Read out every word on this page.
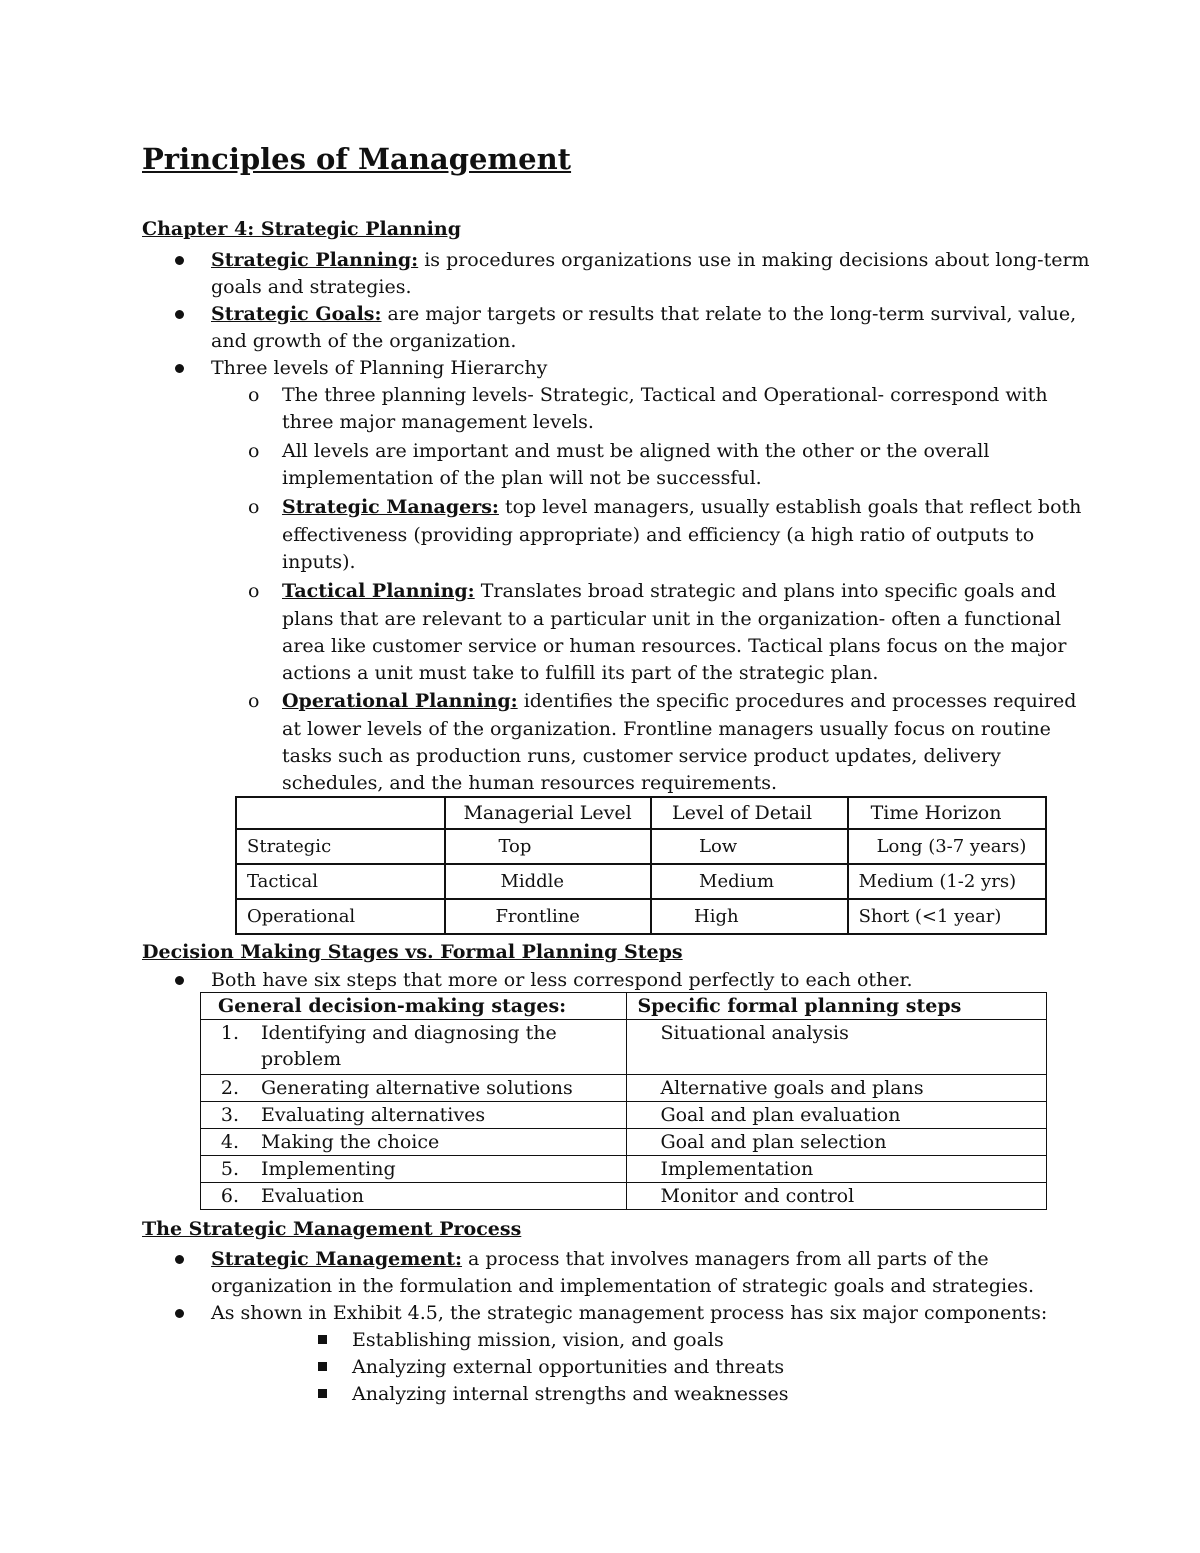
Principles of Management
Chapter 4: Strategic Planning

Strategic Planning: is procedures organizations use in making decisions about long-term

goals and strategies.

Strategic Goals: are major targets or results that relate to the long-term survival, value,

and growth of the organization.

Three levels of Planning Hierarchy

o The three planning levels- Strategic, Tactical and Operational- correspond with

three major management levels.

o All levels are important and must be aligned with the other or the overall

implementation of the plan will not be successful.

o Strategic Managers: top level managers, usually establish goals that reflect both

effectiveness (providing appropriate) and efficiency (a high ratio of outputs to

inputs).

o Tactical Planning: Translates broad strategic and plans into specific goals and

plans that are relevant to a particular unit in the organization- often a functional

area like customer service or human resources. Tactical plans focus on the major

actions a unit must take to fulfill its part of the strategic plan.

o Operational Planning: identifies the specific procedures and processes required

at lower levels of the organization. Frontline managers usually focus on routine

tasks such as production runs, customer service product updates, delivery

schedules, and the human resources requirements.

	Managerial Level	Level of Detail	Time Horizon
Strategic	Top	Low	Long (3-7 years)
Tactical	Middle	Medium	Medium (1-2 yrs)
Operational	Frontline	High	Short (<1 year)
Decision Making Stages vs. Formal Planning Steps

Both have six steps that more or less correspond perfectly to each other.

General decision-making stages:	Specific formal planning steps
1. Identifying and diagnosing the
problem	Situational analysis
2. Generating alternative solutions	Alternative goals and plans
3. Evaluating alternatives	Goal and plan evaluation
4. Making the choice	Goal and plan selection
5. Implementing	Implementation
6. Evaluation	Monitor and control
The Strategic Management Process

Strategic Management: a process that involves managers from all parts of the

organization in the formulation and implementation of strategic goals and strategies.

As shown in Exhibit 4.5, the strategic management process has six major components:

Establishing mission, vision, and goals

Analyzing external opportunities and threats

Analyzing internal strengths and weaknesses
